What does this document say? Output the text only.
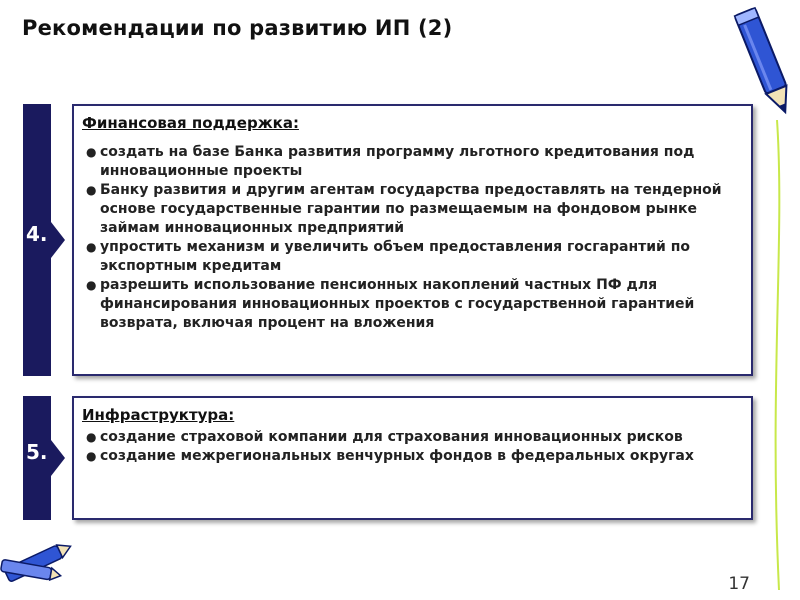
Рекомендации по развитию ИП (2)
4.

Финансовая поддержка:

● создать на базе Банка развития программу льготного кредитования под инновационные проекты
● Банку развития и другим агентам государства предоставлять на тендерной основе государственные гарантии по размещаемым на фондовом рынке займам инновационных предприятий
● упростить механизм и увеличить объем предоставления госгарантий по экспортным кредитам
● разрешить использование пенсионных накоплений частных ПФ для финансирования инновационных проектов с государственной гарантией возврата, включая процент на вложения
5.

Инфраструктура:

● создание страховой компании для страхования инновационных рисков
● создание межрегиональных венчурных фондов в федеральных округах
17
